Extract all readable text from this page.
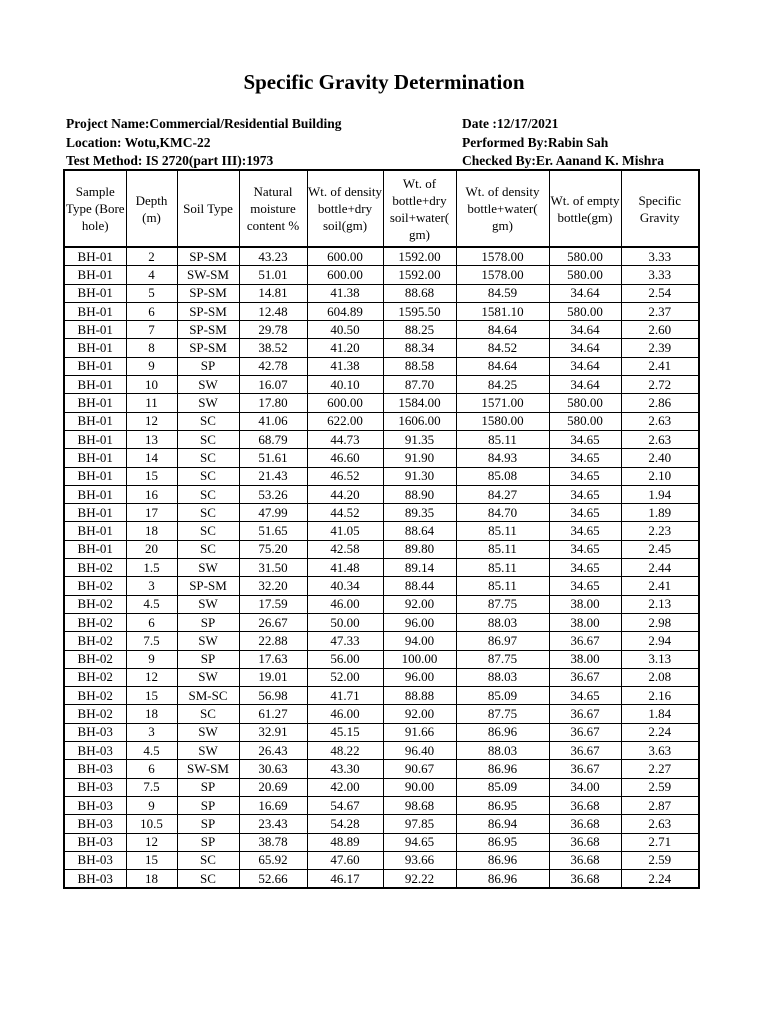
Specific Gravity Determination
Project Name:Commercial/Residential Building
Location: Wotu,KMC-22
Test Method: IS 2720(part III):1973
Date :12/17/2021
Performed By:Rabin Sah
Checked By:Er. Aanand K. Mishra
Sample Type (Bore hole)	Depth (m)	Soil Type	Natural moisture content %	Wt. of density bottle+dry soil(gm)	Wt. of bottle+dry soil+water( gm)	Wt. of density bottle+water( gm)	Wt. of empty bottle(gm)	Specific Gravity
BH-01	2	SP-SM	43.23	600.00	1592.00	1578.00	580.00	3.33
BH-01	4	SW-SM	51.01	600.00	1592.00	1578.00	580.00	3.33
BH-01	5	SP-SM	14.81	41.38	88.68	84.59	34.64	2.54
BH-01	6	SP-SM	12.48	604.89	1595.50	1581.10	580.00	2.37
BH-01	7	SP-SM	29.78	40.50	88.25	84.64	34.64	2.60
BH-01	8	SP-SM	38.52	41.20	88.34	84.52	34.64	2.39
BH-01	9	SP	42.78	41.38	88.58	84.64	34.64	2.41
BH-01	10	SW	16.07	40.10	87.70	84.25	34.64	2.72
BH-01	11	SW	17.80	600.00	1584.00	1571.00	580.00	2.86
BH-01	12	SC	41.06	622.00	1606.00	1580.00	580.00	2.63
BH-01	13	SC	68.79	44.73	91.35	85.11	34.65	2.63
BH-01	14	SC	51.61	46.60	91.90	84.93	34.65	2.40
BH-01	15	SC	21.43	46.52	91.30	85.08	34.65	2.10
BH-01	16	SC	53.26	44.20	88.90	84.27	34.65	1.94
BH-01	17	SC	47.99	44.52	89.35	84.70	34.65	1.89
BH-01	18	SC	51.65	41.05	88.64	85.11	34.65	2.23
BH-01	20	SC	75.20	42.58	89.80	85.11	34.65	2.45
BH-02	1.5	SW	31.50	41.48	89.14	85.11	34.65	2.44
BH-02	3	SP-SM	32.20	40.34	88.44	85.11	34.65	2.41
BH-02	4.5	SW	17.59	46.00	92.00	87.75	38.00	2.13
BH-02	6	SP	26.67	50.00	96.00	88.03	38.00	2.98
BH-02	7.5	SW	22.88	47.33	94.00	86.97	36.67	2.94
BH-02	9	SP	17.63	56.00	100.00	87.75	38.00	3.13
BH-02	12	SW	19.01	52.00	96.00	88.03	36.67	2.08
BH-02	15	SM-SC	56.98	41.71	88.88	85.09	34.65	2.16
BH-02	18	SC	61.27	46.00	92.00	87.75	36.67	1.84
BH-03	3	SW	32.91	45.15	91.66	86.96	36.67	2.24
BH-03	4.5	SW	26.43	48.22	96.40	88.03	36.67	3.63
BH-03	6	SW-SM	30.63	43.30	90.67	86.96	36.67	2.27
BH-03	7.5	SP	20.69	42.00	90.00	85.09	34.00	2.59
BH-03	9	SP	16.69	54.67	98.68	86.95	36.68	2.87
BH-03	10.5	SP	23.43	54.28	97.85	86.94	36.68	2.63
BH-03	12	SP	38.78	48.89	94.65	86.95	36.68	2.71
BH-03	15	SC	65.92	47.60	93.66	86.96	36.68	2.59
BH-03	18	SC	52.66	46.17	92.22	86.96	36.68	2.24
